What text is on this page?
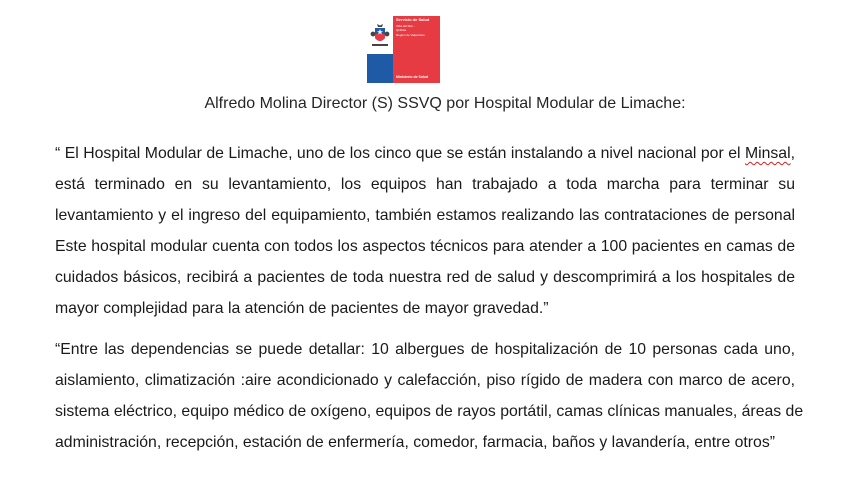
Servicio de Salud
Viña del Mar -
Quillota
Región de Valparaíso
Ministerio de Salud
Alfredo Molina Director (S) SSVQ por Hospital Modular de Limache:
“ El Hospital Modular de Limache, uno de los cinco que se están instalando a nivel nacional por el Minsal,
está terminado en su levantamiento, los equipos han trabajado a toda marcha para terminar su
levantamiento y el ingreso del equipamiento, también estamos realizando las contrataciones de personal
Este hospital modular cuenta con todos los aspectos técnicos para atender a 100 pacientes en camas de
cuidados básicos, recibirá a pacientes de toda nuestra red de salud y descomprimirá a los hospitales de
mayor complejidad para la atención de pacientes de mayor gravedad.”
“Entre las dependencias se puede detallar: 10 albergues de hospitalización de 10 personas cada uno,
aislamiento, climatización :aire acondicionado y calefacción, piso rígido de madera con marco de acero,
sistema eléctrico, equipo médico de oxígeno, equipos de rayos portátil, camas clínicas manuales, áreas de
administración, recepción, estación de enfermería, comedor, farmacia, baños y lavandería, entre otros”
